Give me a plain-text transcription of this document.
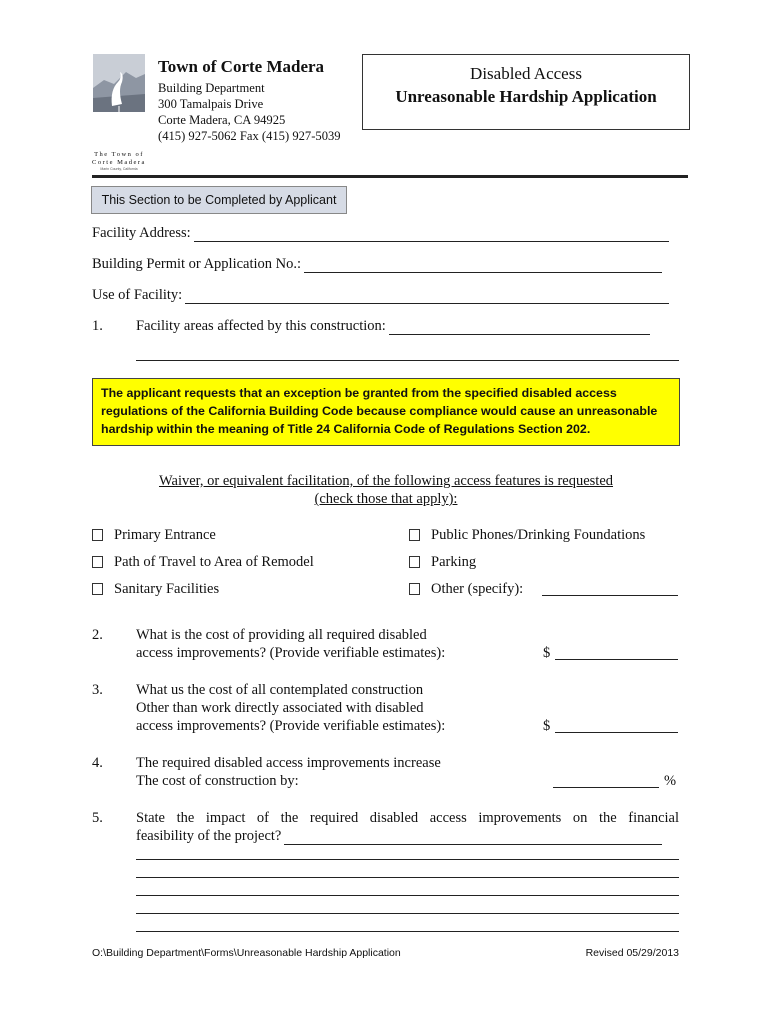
The Town of
Corte Madera
Marin County, California
Town of Corte Madera
Building Department
300 Tamalpais Drive
Corte Madera, CA 94925
(415) 927-5062 Fax (415) 927-5039
Disabled Access
Unreasonable Hardship Application
This Section to be Completed by Applicant
Facility Address:
Building Permit or Application No.:
Use of Facility:
1. Facility areas affected by this construction:
The applicant requests that an exception be granted from the specified disabled access regulations of the California Building Code because compliance would cause an unreasonable hardship within the meaning of Title 24 California Code of Regulations Section 202.
Waiver, or equivalent facilitation, of the following access features is requested
(check those that apply):
Primary Entrance
Path of Travel to Area of Remodel
Sanitary Facilities
Public Phones/Drinking Foundations
Parking
Other (specify):
2. What is the cost of providing all required disabled
access improvements? (Provide verifiable estimates):	$
3. What us the cost of all contemplated construction
Other than work directly associated with disabled
access improvements? (Provide verifiable estimates):	$
4. The required disabled access improvements increase
The cost of construction by:	%
5. State the impact of the required disabled access improvements on the financial
feasibility of the project?
O:\Building Department\Forms\Unreasonable Hardship Application	Revised 05/29/2013
